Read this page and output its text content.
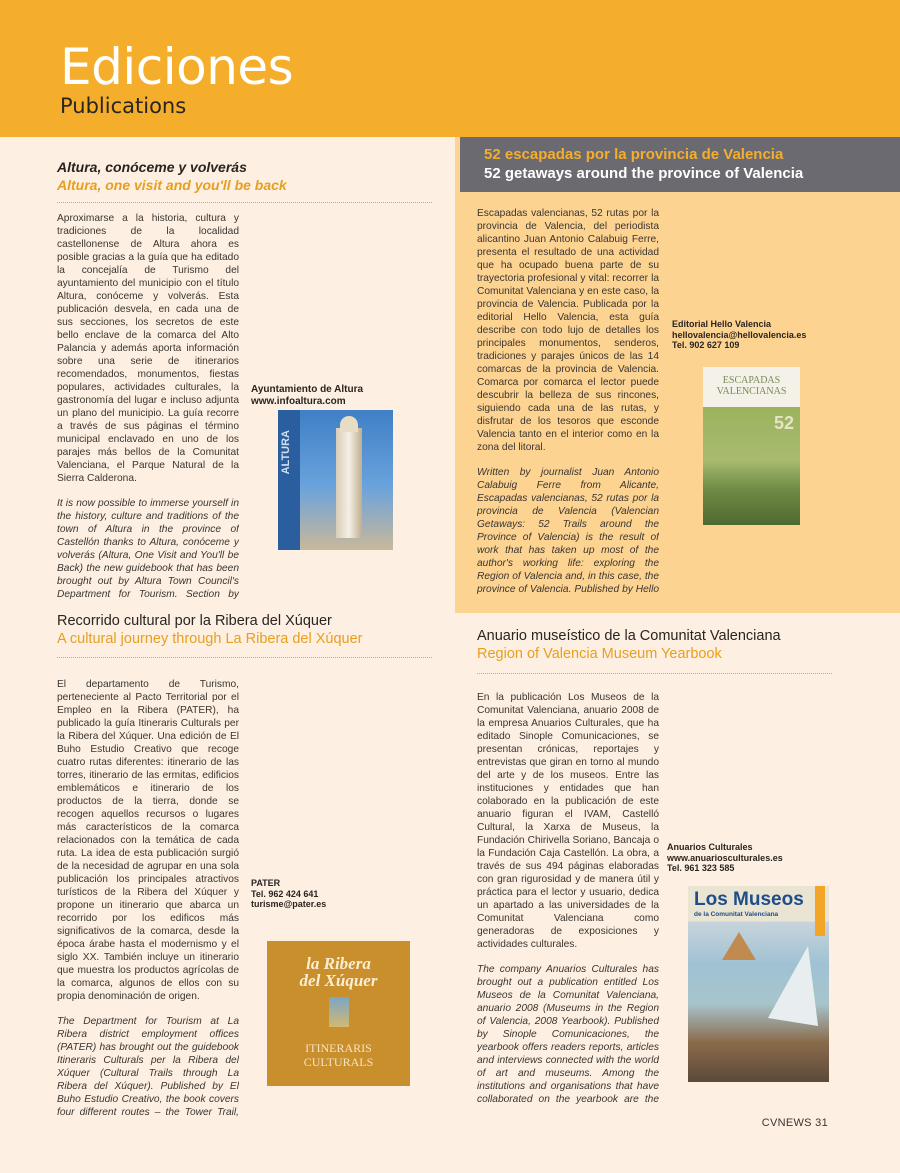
Ediciones
Publications
52 escapadas por la provincia de Valencia
52 getaways around the province of Valencia
Altura, conóceme y volverás
Altura, one visit and you'll be back

Aproximarse a la historia, cultura y tradiciones de la localidad castellonense de Altura ahora es posible gracias a la guía que ha editado la concejalía de Turismo del ayuntamiento del municipio con el título Altura, conóceme y volverás. Esta publicación desvela, en cada una de sus secciones, los secretos de este bello enclave de la comarca del Alto Palancia y además aporta información sobre una serie de itinerarios recomendados, monumentos, fiestas populares, actividades culturales, la gastronomía del lugar e incluso adjunta un plano del municipio. La guía recorre a través de sus páginas el término municipal enclavado en uno de los parajes más bellos de la Comunitat Valenciana, el Parque Natural de la Sierra Calderona.

It is now possible to immerse yourself in the history, culture and traditions of the town of Altura in the province of Castellón thanks to Altura, conóceme y volverás (Altura, One Visit and You'll be Back) the new guidebook that has been brought out by Altura Town Council's Department for Tourism. Section by

Ayuntamiento de Altura
www.infoaltura.com
ALTURA

Escapadas valencianas, 52 rutas por la provincia de Valencia, del periodista alicantino Juan Antonio Calabuig Ferre, presenta el resultado de una actividad que ha ocupado buena parte de su trayectoria profesional y vital: recorrer la Comunitat Valenciana y en este caso, la provincia de Valencia. Publicada por la editorial Hello Valencia, esta guía describe con todo lujo de detalles los principales monumentos, senderos, tradiciones y parajes únicos de las 14 comarcas de la provincia de Valencia. Comarca por comarca el lector puede descubrir la belleza de sus rincones, siguiendo cada una de las rutas, y disfrutar de los tesoros que esconde Valencia tanto en el interior como en la zona del litoral.

Written by journalist Juan Antonio Calabuig Ferre from Alicante, Escapadas valencianas, 52 rutas por la provincia de Valencia (Valencian Getaways: 52 Trails around the Province of Valencia) is the result of work that has taken up most of the author's working life: exploring the Region of Valencia and, in this case, the province of Valencia. Published by Hello

Editorial Hello Valencia
hellovalencia@hellovalencia.es
Tel. 902 627 109
ESCAPADAS
VALENCIANAS
52
Recorrido cultural por la Ribera del Xúquer
A cultural journey through La Ribera del Xúquer

El departamento de Turismo, perteneciente al Pacto Territorial por el Empleo en la Ribera (PATER), ha publicado la guía Itineraris Culturals per la Ribera del Xúquer. Una edición de El Buho Estudio Creativo que recoge cuatro rutas diferentes: itinerario de las torres, itinerario de las ermitas, edificios emblemáticos e itinerario de los productos de la tierra, donde se recogen aquellos recursos o lugares más característicos de la comarca relacionados con la temática de cada ruta. La idea de esta publicación surgió de la necesidad de agrupar en una sola publicación los principales atractivos turísticos de la Ribera del Xúquer y propone un itinerario que abarca un recorrido por los edificos más significativos de la comarca, desde la época árabe hasta el modernismo y el siglo XX. También incluye un itinerario que muestra los productos agrícolas de la comarca, algunos de ellos con su propia denominación de origen.

The Department for Tourism at La Ribera district employment offices (PATER) has brought out the guidebook Itineraris Culturals per la Ribera del Xúquer (Cultural Trails through La Ribera del Xúquer). Published by El Buho Estudio Creativo, the book covers four different routes – the Tower Trail,

PATER
Tel. 962 424 641
turisme@pater.es
la Ribera
del Xúquer
ITINERARIS
CULTURALS
Anuario museístico de la Comunitat Valenciana
Region of Valencia Museum Yearbook

En la publicación Los Museos de la Comunitat Valenciana, anuario 2008 de la empresa Anuarios Culturales, que ha editado Sinople Comunicaciones, se presentan crónicas, reportajes y entrevistas que giran en torno al mundo del arte y de los museos. Entre las instituciones y entidades que han colaborado en la publicación de este anuario figuran el IVAM, Castelló Cultural, la Xarxa de Museus, la Fundación Chirivella Soriano, Bancaja o la Fundación Caja Castellón. La obra, a través de sus 494 páginas elaboradas con gran rigurosidad y de manera útil y práctica para el lector y usuario, dedica un apartado a las universidades de la Comunitat Valenciana como generadoras de exposiciones y actividades culturales.

The company Anuarios Culturales has brought out a publication entitled Los Museos de la Comunitat Valenciana, anuario 2008 (Museums in the Region of Valencia, 2008 Yearbook). Published by Sinople Comunicaciones, the yearbook offers readers reports, articles and interviews connected with the world of art and museums. Among the institutions and organisations that have collaborated on the yearbook are the

Anuarios Culturales
www.anuariosculturales.es
Tel. 961 323 585
Los Museos
de la Comunitat Valenciana
CVNEWS 31
